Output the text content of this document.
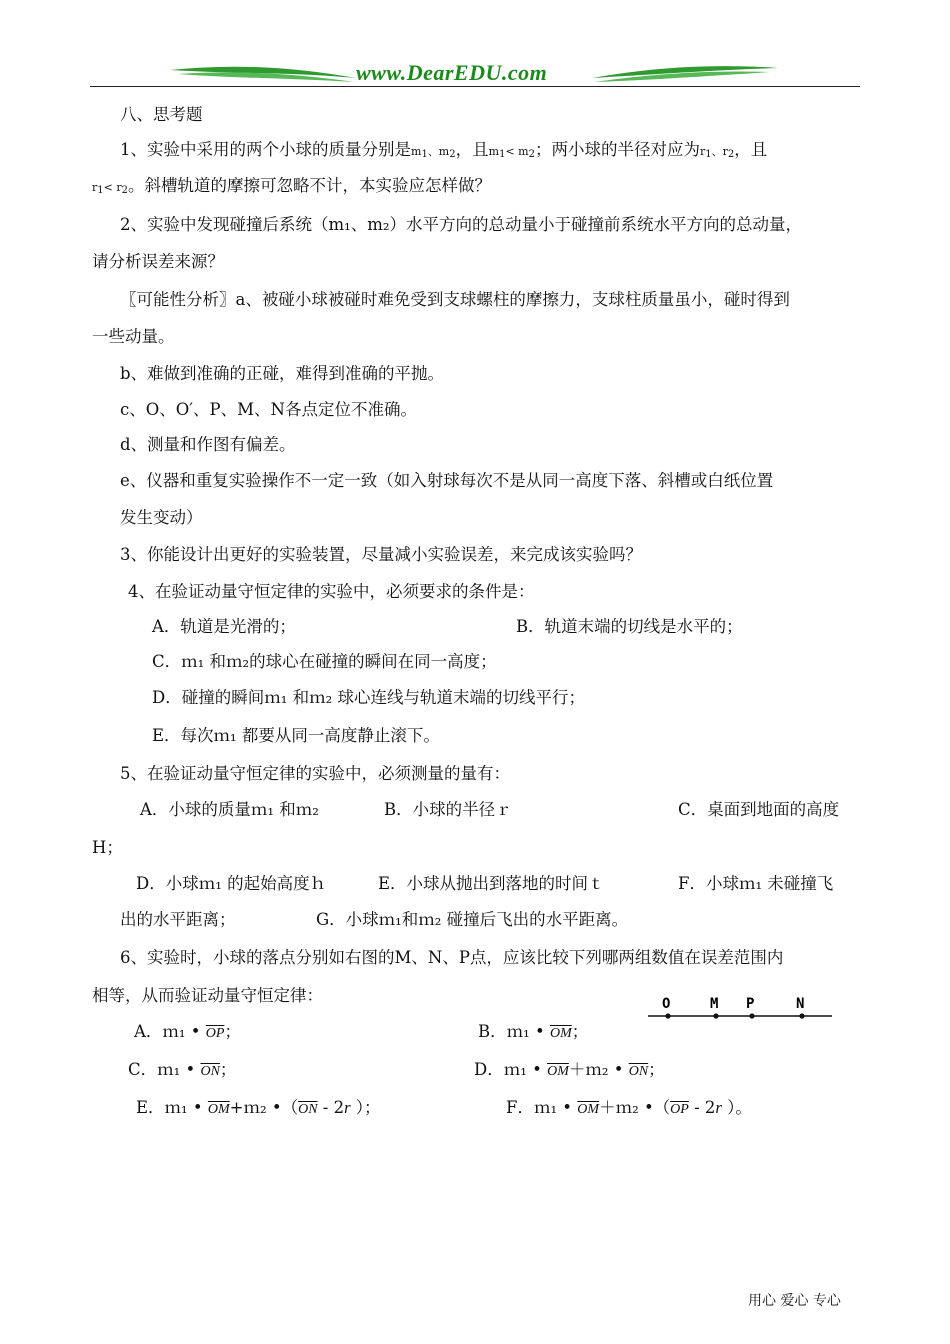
www.DearEDU.com
八、思考题
1、实验中采用的两个小球的质量分别是$m_1$、$m_2$，且$m_1< m_2$；两小球的半径对应为$r_1$、$r_2$，且
$r_1< r_2$。斜槽轨道的摩擦可忽略不计，本实验应怎样做？
2、实验中发现碰撞后系统（m₁、m₂）水平方向的总动量小于碰撞前系统水平方向的总动量，
请分析误差来源？
〖可能性分析〗a、被碰小球被碰时难免受到支球螺柱的摩擦力，支球柱质量虽小，碰时得到
一些动量。
b、难做到准确的正碰，难得到准确的平抛。
c、O、O′、P、M、N各点定位不准确。
d、测量和作图有偏差。
e、仪器和重复实验操作不一定一致（如入射球每次不是从同一高度下落、斜槽或白纸位置
发生变动）
3、你能设计出更好的实验装置，尽量减小实验误差，来完成该实验吗？
4、在验证动量守恒定律的实验中，必须要求的条件是：
A．轨道是光滑的；	B．轨道末端的切线是水平的；
C．ｍ₁ 和ｍ₂的球心在碰撞的瞬间在同一高度；
D．碰撞的瞬间ｍ₁ 和ｍ₂ 球心连线与轨道末端的切线平行；
E．每次ｍ₁ 都要从同一高度静止滚下。
5、在验证动量守恒定律的实验中，必须测量的量有：
A．小球的质量ｍ₁ 和ｍ₂	B．小球的半径ｒ	C．桌面到地面的高度
H；
D．小球ｍ₁ 的起始高度ｈ	E．小球从抛出到落地的时间ｔ	F．小球ｍ₁ 未碰撞飞
出的水平距离；	G．小球ｍ₁和ｍ₂ 碰撞后飞出的水平距离。
6、实验时，小球的落点分别如右图的M、N、P点，应该比较下列哪两组数值在误差范围内
相等，从而验证动量守恒定律：	O	M P	N
A．ｍ₁ • $\overline{OP}$；	B．ｍ₁ • $\overline{OM}$；
C．ｍ₁ • $\overline{ON}$；	D．ｍ₁ • $\overline{OM}+m_2$ • $\overline{ON}$；
E．ｍ₁ • $\overline{OM}+m_2$ $•(\overline{ON} - 2r$ ）；	F．ｍ₁ • $\overline{OM}+m_2$ $•(\overline{OP} - 2r$ ）。
用心 爱心 专心
